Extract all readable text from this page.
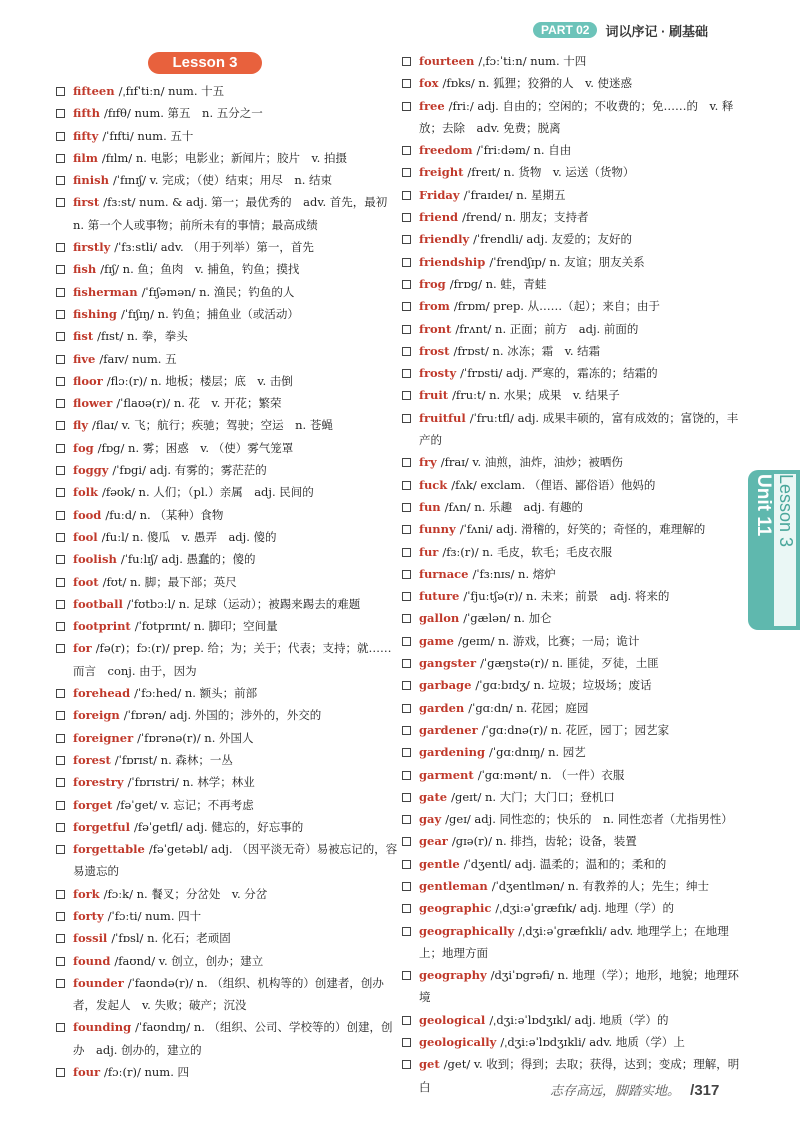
PART 02	词以序记 · 刷基础
Lesson 3
fifteen /ˌfɪfˈtiːn/ num. 十五
fifth /fɪfθ/ num. 第五　n. 五分之一
fifty /ˈfɪfti/ num. 五十
film /fɪlm/ n. 电影；电影业；新闻片；胶片　v. 拍摄
finish /ˈfɪnɪʃ/ v. 完成；（使）结束；用尽　n. 结束
first /fɜːst/ num. & adj. 第一；最优秀的　adv. 首先，最初　n. 第一个人或事物；前所未有的事情；最高成绩
firstly /ˈfɜːstli/ adv. （用于列举）第一，首先
fish /fɪʃ/ n. 鱼；鱼肉　v. 捕鱼，钓鱼；摸找
fisherman /ˈfɪʃəmən/ n. 渔民；钓鱼的人
fishing /ˈfɪʃɪŋ/ n. 钓鱼；捕鱼业（或活动）
fist /fɪst/ n. 拳，拳头
five /faɪv/ num. 五
floor /flɔː(r)/ n. 地板；楼层；底　v. 击倒
flower /ˈflaʊə(r)/ n. 花　v. 开花；繁荣
fly /flaɪ/ v. 飞；航行；疾驰；驾驶；空运　n. 苍蝇
fog /fɒg/ n. 雾；困惑　v. （使）雾气笼罩
foggy /ˈfɒgi/ adj. 有雾的；雾茫茫的
folk /fəʊk/ n. 人们；（pl.）亲属　adj. 民间的
food /fuːd/ n. （某种）食物
fool /fuːl/ n. 傻瓜　v. 愚弄　adj. 傻的
foolish /ˈfuːlɪʃ/ adj. 愚蠢的；傻的
foot /fʊt/ n. 脚；最下部；英尺
football /ˈfʊtbɔːl/ n. 足球（运动）；被踢来踢去的难题
footprint /ˈfʊtprɪnt/ n. 脚印；空间量
for /fə(r)；fɔː(r)/ prep. 给；为；关于；代表；支持；就……而言　conj. 由于，因为
forehead /ˈfɔːhed/ n. 额头；前部
foreign /ˈfɒrən/ adj. 外国的；涉外的，外交的
foreigner /ˈfɒrənə(r)/ n. 外国人
forest /ˈfɒrɪst/ n. 森林；一丛
forestry /ˈfɒrɪstri/ n. 林学；林业
forget /fəˈget/ v. 忘记；不再考虑
forgetful /fəˈgetfl/ adj. 健忘的，好忘事的
forgettable /fəˈgetəbl/ adj. （因平淡无奇）易被忘记的，容易遗忘的
fork /fɔːk/ n. 餐叉；分岔处　v. 分岔
forty /ˈfɔːti/ num. 四十
fossil /ˈfɒsl/ n. 化石；老顽固
found /faʊnd/ v. 创立，创办；建立
founder /ˈfaʊndə(r)/ n. （组织、机构等的）创建者，创办者，发起人　v. 失败；破产；沉没
founding /ˈfaʊndɪŋ/ n. （组织、公司、学校等的）创建，创办　adj. 创办的，建立的
four /fɔː(r)/ num. 四
fourteen /ˌfɔːˈtiːn/ num. 十四
fox /fɒks/ n. 狐狸；狡猾的人　v. 使迷惑
free /friː/ adj. 自由的；空闲的；不收费的；免……的　v. 释放；去除　adv. 免费；脱离
freedom /ˈfriːdəm/ n. 自由
freight /freɪt/ n. 货物　v. 运送（货物）
Friday /ˈfraɪdeɪ/ n. 星期五
friend /frend/ n. 朋友；支持者
friendly /ˈfrendli/ adj. 友爱的；友好的
friendship /ˈfrendʃɪp/ n. 友谊；朋友关系
frog /frɒg/ n. 蛙，青蛙
from /frɒm/ prep. 从……（起）；来自；由于
front /frʌnt/ n. 正面；前方　adj. 前面的
frost /frɒst/ n. 冰冻；霜　v. 结霜
frosty /ˈfrɒsti/ adj. 严寒的，霜冻的；结霜的
fruit /fruːt/ n. 水果；成果　v. 结果子
fruitful /ˈfruːtfl/ adj. 成果丰硕的，富有成效的；富饶的，丰产的
fry /fraɪ/ v. 油煎，油炸，油炒；被晒伤
fuck /fʌk/ exclam. （俚语、鄙俗语）他妈的
fun /fʌn/ n. 乐趣　adj. 有趣的
funny /ˈfʌni/ adj. 滑稽的，好笑的；奇怪的，难理解的
fur /fɜː(r)/ n. 毛皮，软毛；毛皮衣服
furnace /ˈfɜːnɪs/ n. 熔炉
future /ˈfjuːtʃə(r)/ n. 未来；前景　adj. 将来的
gallon /ˈgælən/ n. 加仑
game /geɪm/ n. 游戏，比赛；一局；诡计
gangster /ˈgæŋstə(r)/ n. 匪徒，歹徒，土匪
garbage /ˈgɑːbɪdʒ/ n. 垃圾；垃圾场；废话
garden /ˈgɑːdn/ n. 花园；庭园
gardener /ˈgɑːdnə(r)/ n. 花匠，园丁；园艺家
gardening /ˈgɑːdnɪŋ/ n. 园艺
garment /ˈgɑːmənt/ n. （一件）衣服
gate /geɪt/ n. 大门；大门口；登机口
gay /geɪ/ adj. 同性恋的；快乐的　n. 同性恋者（尤指男性）
gear /gɪə(r)/ n. 排挡，齿轮；设备，装置
gentle /ˈdʒentl/ adj. 温柔的；温和的；柔和的
gentleman /ˈdʒentlmən/ n. 有教养的人；先生；绅士
geographic /ˌdʒiːəˈgræfɪk/ adj. 地理（学）的
geographically /ˌdʒiːəˈgræfɪkli/ adv. 地理学上；在地理上；地理方面
geography /dʒiˈɒgrəfi/ n. 地理（学）；地形，地貌；地理环境
geological /ˌdʒiːəˈlɒdʒɪkl/ adj. 地质（学）的
geologically /ˌdʒiːəˈlɒdʒɪkli/ adv. 地质（学）上
get /get/ v. 收到；得到；去取；获得，达到；变成；理解，明白
Unit 11 Lesson 3
志存高远，脚踏实地。 /317
